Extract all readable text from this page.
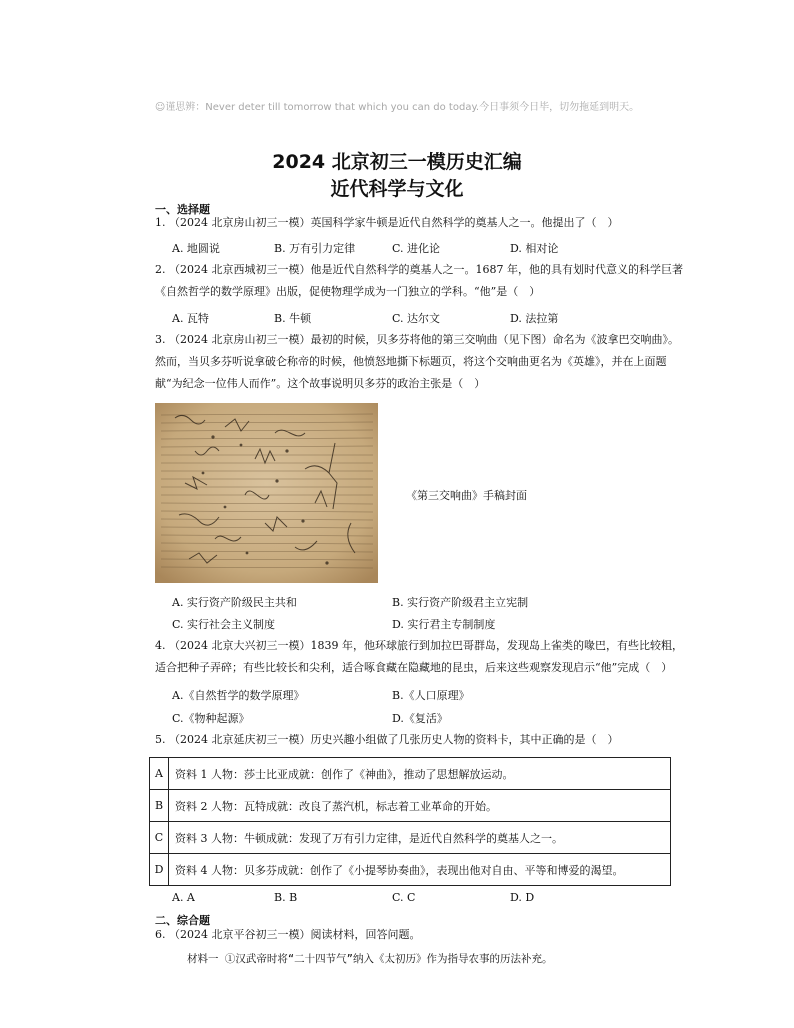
☺谨思辨：Never deter till tomorrow that which you can do today.今日事须今日毕，切勿拖延到明天。
2024 北京初三一模历史汇编
近代科学与文化
一、选择题
1. （2024 北京房山初三一模）英国科学家牛顿是近代自然科学的奠基人之一。他提出了（　）
A. 地圆说	B. 万有引力定律	C. 进化论	D. 相对论
2. （2024 北京西城初三一模）他是近代自然科学的奠基人之一。1687 年，他的具有划时代意义的科学巨著
《自然哲学的数学原理》出版，促使物理学成为一门独立的学科。“他”是（　）
A. 瓦特	B. 牛顿	C. 达尔文	D. 法拉第
3. （2024 北京房山初三一模）最初的时候，贝多芬将他的第三交响曲（见下图）命名为《波拿巴交响曲》。
然而，当贝多芬听说拿破仑称帝的时候，他愤怒地撕下标题页，将这个交响曲更名为《英雄》，并在上面题
献“为纪念一位伟人而作”。这个故事说明贝多芬的政治主张是（　）
《第三交响曲》手稿封面
A. 实行资产阶级民主共和	B. 实行资产阶级君主立宪制
C. 实行社会主义制度	D. 实行君主专制制度
4. （2024 北京大兴初三一模）1839 年，他环球旅行到加拉巴哥群岛，发现岛上雀类的喙巴，有些比较粗，
适合把种子弄碎；有些比较长和尖利，适合啄食藏在隐藏地的昆虫，后来这些观察发现启示“他”完成（　）
A.《自然哲学的数学原理》	B.《人口原理》
C.《物种起源》	D.《复活》
5. （2024 北京延庆初三一模）历史兴趣小组做了几张历史人物的资料卡，其中正确的是（　）
A	资料 1 人物：莎士比亚成就：创作了《神曲》，推动了思想解放运动。
B	资料 2 人物：瓦特成就：改良了蒸汽机，标志着工业革命的开始。
C	资料 3 人物：牛顿成就：发现了万有引力定律，是近代自然科学的奠基人之一。
D	资料 4 人物：贝多芬成就：创作了《小提琴协奏曲》，表现出他对自由、平等和博爱的渴望。
A. A	B. B	C. C	D. D
二、综合题
6. （2024 北京平谷初三一模）阅读材料，回答问题。
材料一 ①汉武帝时将“二十四节气”纳入《太初历》作为指导农事的历法补充。
